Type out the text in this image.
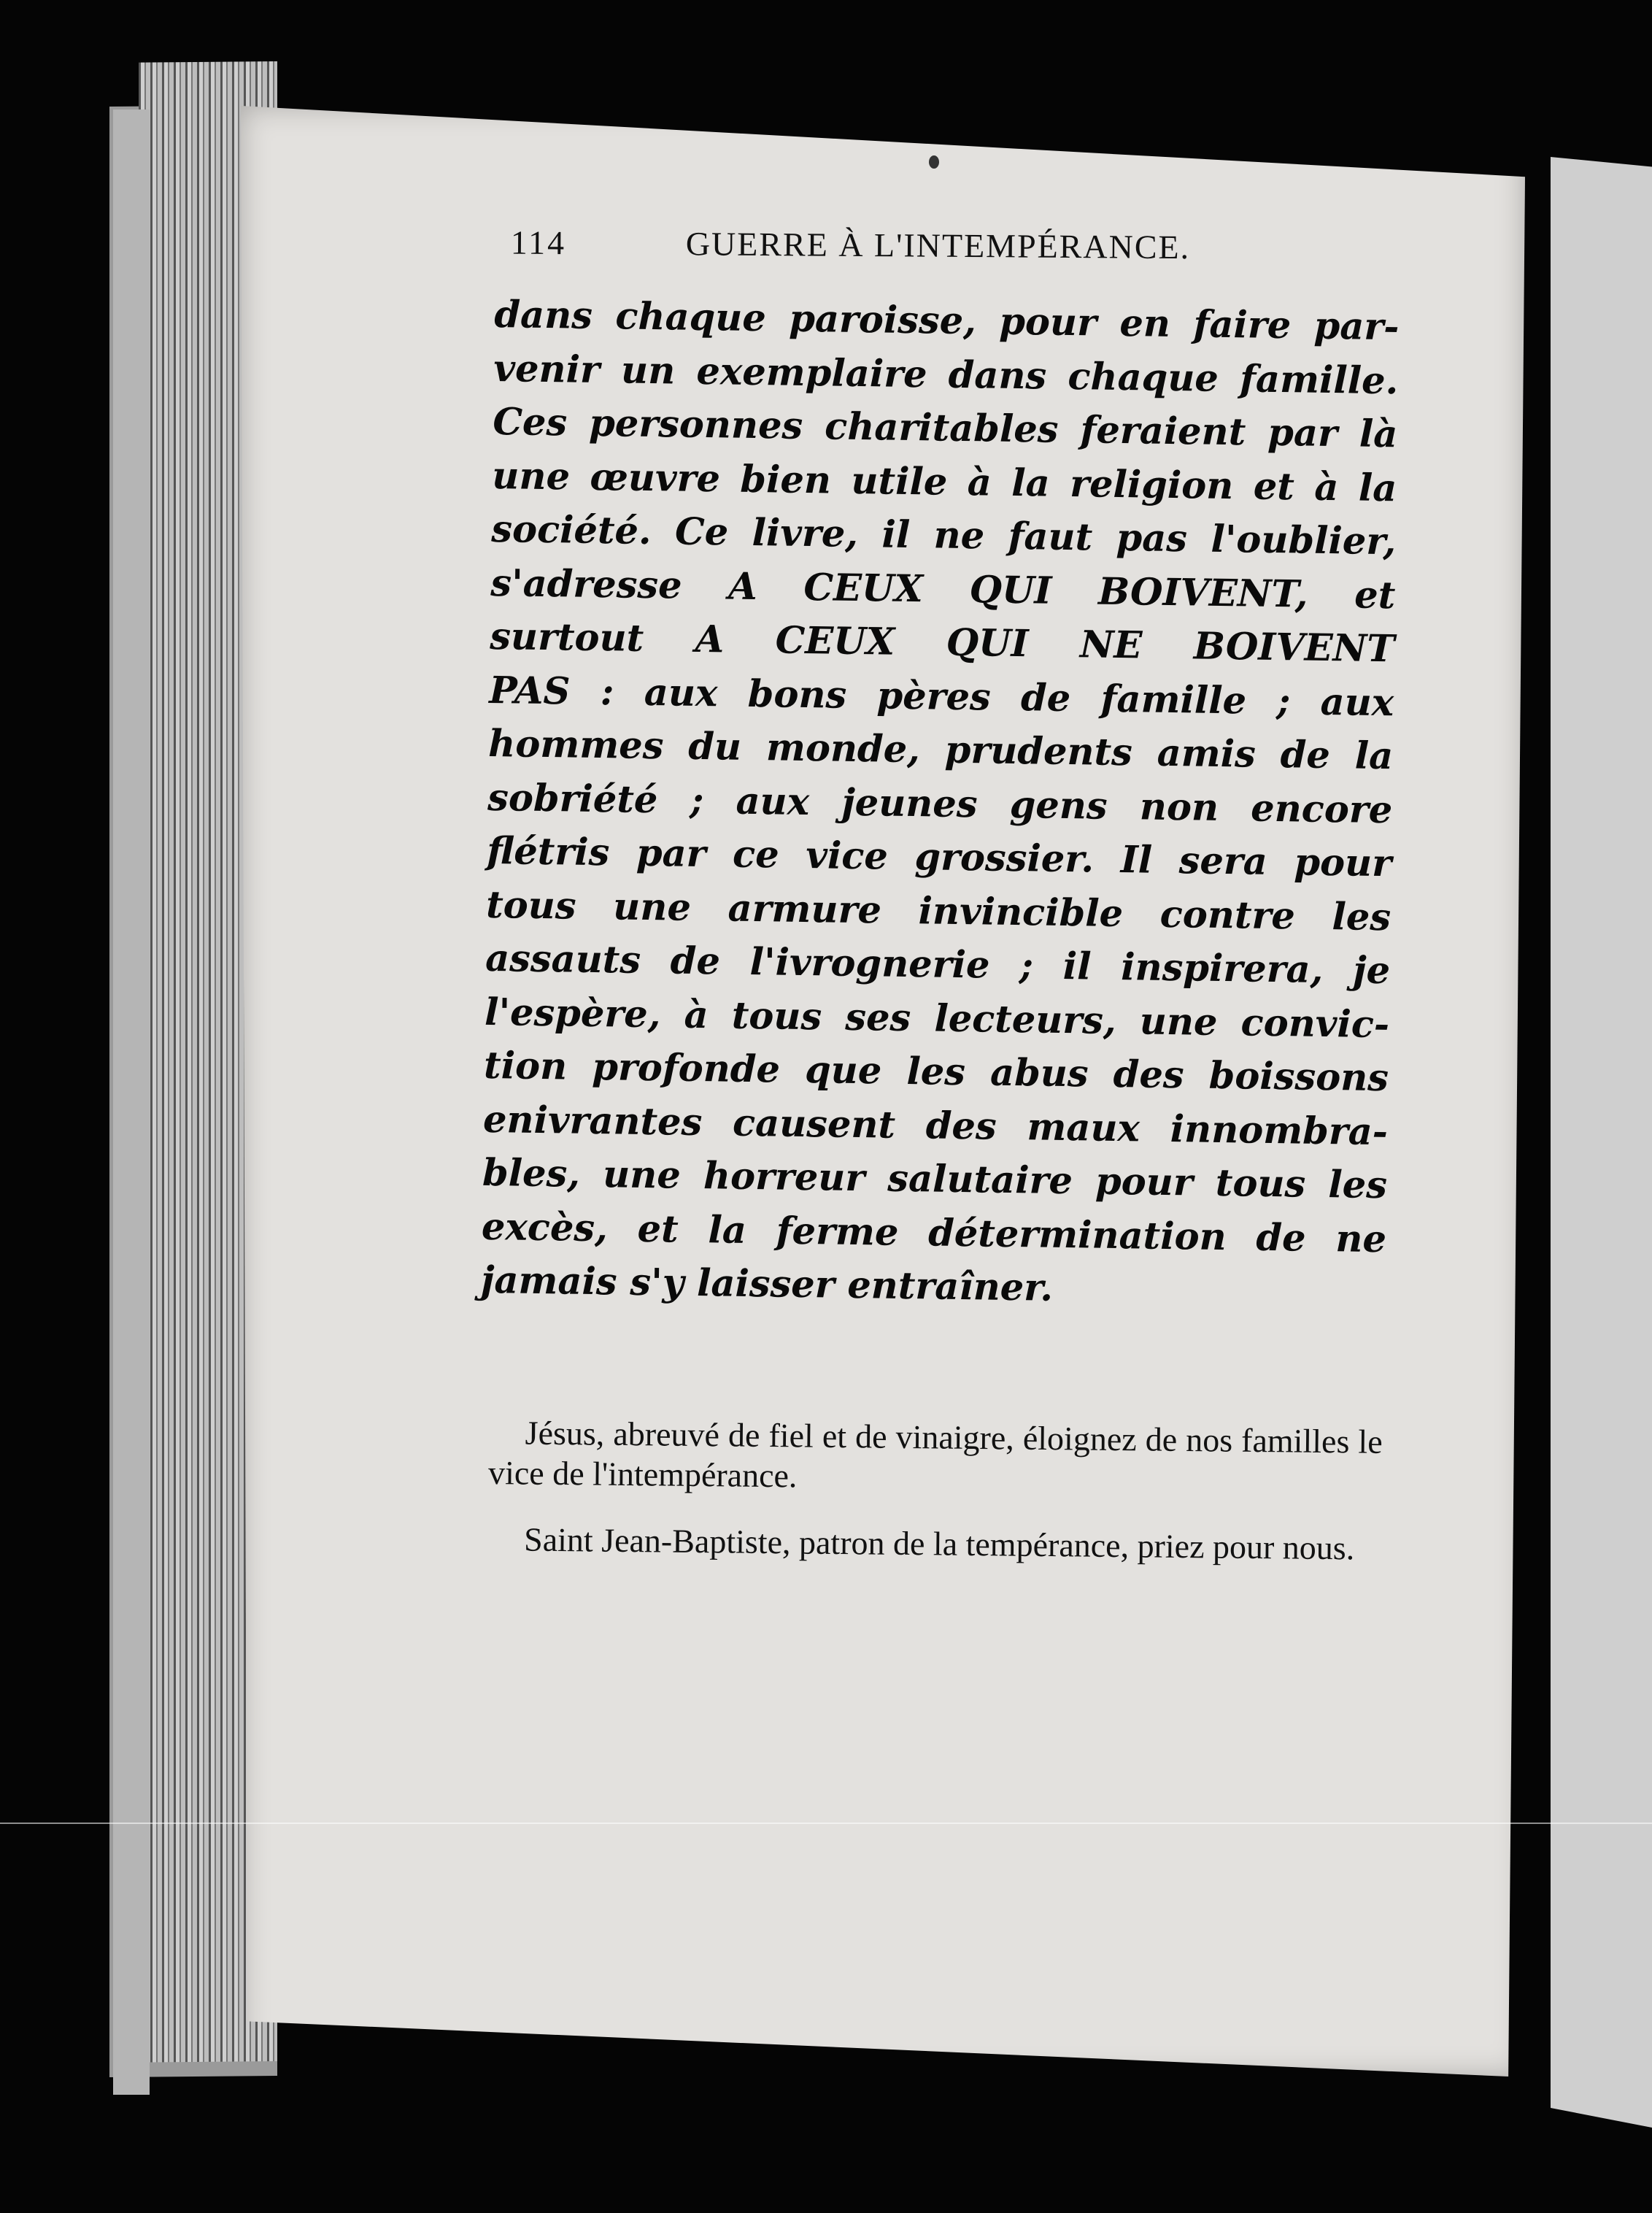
114	GUERRE À L'INTEMPÉRANCE.
dans chaque paroisse, pour en faire par-
venir un exemplaire dans chaque famille.
Ces personnes charitables feraient par là
une œuvre bien utile à la religion et à la
société. Ce livre, il ne faut pas l'oublier,
s'adresse A CEUX QUI BOIVENT, et
surtout A CEUX QUI NE BOIVENT
PAS : aux bons pères de famille ; aux
hommes du monde, prudents amis de la
sobriété ; aux jeunes gens non encore
flétris par ce vice grossier. Il sera pour
tous une armure invincible contre les
assauts de l'ivrognerie ; il inspirera, je
l'espère, à tous ses lecteurs, une convic-
tion profonde que les abus des boissons
enivrantes causent des maux innombra-
bles, une horreur salutaire pour tous les
excès, et la ferme détermination de ne
jamais s'y laisser entraîner.

Jésus, abreuvé de fiel et de vinaigre, éloignez de nos familles le vice de l'intempérance.

Saint Jean-Baptiste, patron de la tempérance, priez pour nous.
